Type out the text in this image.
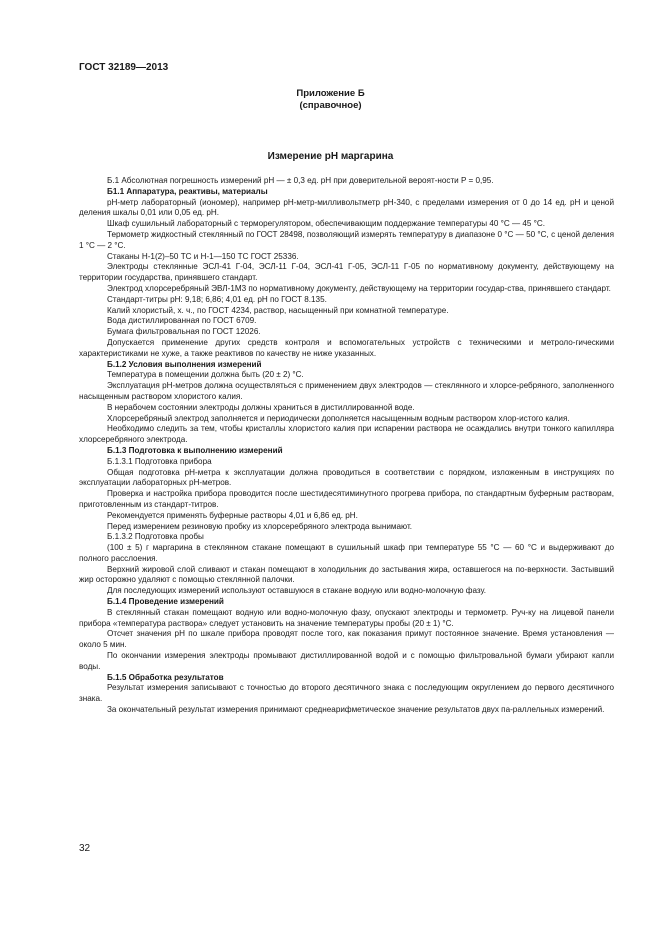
ГОСТ 32189—2013
Приложение Б
(справочное)
Измерение pH маргарина

Б.1 Абсолютная погрешность измерений pH — ± 0,3 ед. pH при доверительной вероят-ности P = 0,95.

Б1.1 Аппаратура, реактивы, материалы

pH-метр лабораторный (иономер), например pH-метр-милливольтметр pH-340, с пределами измерения от 0 до 14 ед. pH и ценой деления шкалы 0,01 или 0,05 ед. pH.

Шкаф сушильный лабораторный с терморегулятором, обеспечивающим поддержание температуры 40 °С — 45 °С.

Термометр жидкостный стеклянный по ГОСТ 28498, позволяющий измерять температуру в диапазоне 0 °С — 50 °С, с ценой деления 1 °С — 2 °С.

Стаканы Н-1(2)–50 ТС и Н-1—150 ТС ГОСТ 25336.

Электроды стеклянные ЭСЛ-41 Г-04, ЭСЛ-11 Г-04, ЭСЛ-41 Г-05, ЭСЛ-11 Г-05 по нормативному документу, действующему на территории государства, принявшего стандарт.

Электрод хлорсеребряный ЭВЛ-1М3 по нормативному документу, действующему на территории государ-ства, принявшего стандарт.

Стандарт-титры pH: 9,18; 6,86; 4,01 ед. pH по ГОСТ 8.135.

Калий хлористый, х. ч., по ГОСТ 4234, раствор, насыщенный при комнатной температуре.

Вода дистиллированная по ГОСТ 6709.

Бумага фильтровальная по ГОСТ 12026.

Допускается применение других средств контроля и вспомогательных устройств с техническими и метроло-гическими характеристиками не хуже, а также реактивов по качеству не ниже указанных.

Б.1.2 Условия выполнения измерений

Температура в помещении должна быть (20 ± 2) °С.

Эксплуатация pH-метров должна осуществляться с применением двух электродов — стеклянного и хлорсе-ребряного, заполненного насыщенным раствором хлористого калия.

В нерабочем состоянии электроды должны храниться в дистиллированной воде.

Хлорсеребряный электрод заполняется и периодически дополняется насыщенным водным раствором хлор-истого калия.

Необходимо следить за тем, чтобы кристаллы хлористого калия при испарении раствора не осаждались внутри тонкого капилляра хлорсеребряного электрода.

Б.1.3 Подготовка к выполнению измерений

Б.1.3.1 Подготовка прибора

Общая подготовка pH-метра к эксплуатации должна проводиться в соответствии с порядком, изложенным в инструкциях по эксплуатации лабораторных pH-метров.

Проверка и настройка прибора проводится после шестидесятиминутного прогрева прибора, по стандартным буферным растворам, приготовленным из стандарт-титров.

Рекомендуется применять буферные растворы 4,01 и 6,86 ед. pH.

Перед измерением резиновую пробку из хлорсеребряного электрода вынимают.

Б.1.3.2 Подготовка пробы

(100 ± 5) г маргарина в стеклянном стакане помещают в сушильный шкаф при температуре 55 °С — 60 °С и выдерживают до полного расслоения.

Верхний жировой слой сливают и стакан помещают в холодильник до застывания жира, оставшегося на по-верхности. Застывший жир осторожно удаляют с помощью стеклянной палочки.

Для последующих измерений используют оставшуюся в стакане водную или водно-молочную фазу.

Б.1.4 Проведение измерений

В стеклянный стакан помещают водную или водно-молочную фазу, опускают электроды и термометр. Руч-ку на лицевой панели прибора «температура раствора» следует установить на значение температуры пробы (20 ± 1) °С.

Отсчет значения pH по шкале прибора проводят после того, как показания примут постоянное значение. Время установления — около 5 мин.

По окончании измерения электроды промывают дистиллированной водой и с помощью фильтровальной бумаги убирают капли воды.

Б.1.5 Обработка результатов

Результат измерения записывают с точностью до второго десятичного знака с последующим округлением до первого десятичного знака.

За окончательный результат измерения принимают среднеарифметическое значение результатов двух па-раллельных измерений.

32
